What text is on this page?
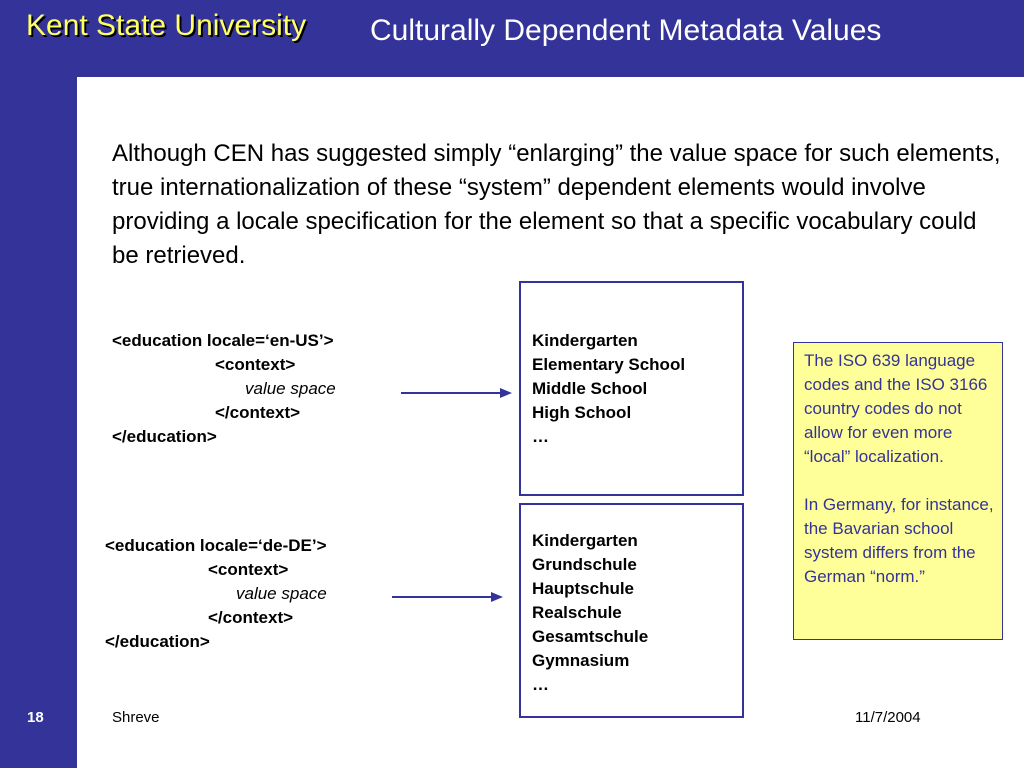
Kent State University Culturally Dependent Metadata Values
Although CEN has suggested simply “enlarging” the value space for such elements, true internationalization of these “system” dependent elements would involve providing a locale specification for the element so that a specific vocabulary could be retrieved.
<education locale=‘en-US’>
<context>
value space
</context>
</education>
<education locale=‘de-DE’>
<context>
value space
</context>
</education>
Kindergarten
Elementary School
Middle School
High School
…
Kindergarten
Grundschule
Hauptschule
Realschule
Gesamtschule
Gymnasium
…

The ISO 639 language codes and the ISO 3166 country codes do not allow for even more “local” localization.

In Germany, for instance, the Bavarian school system differs from the German “norm.”

18	Shreve	11/7/2004
